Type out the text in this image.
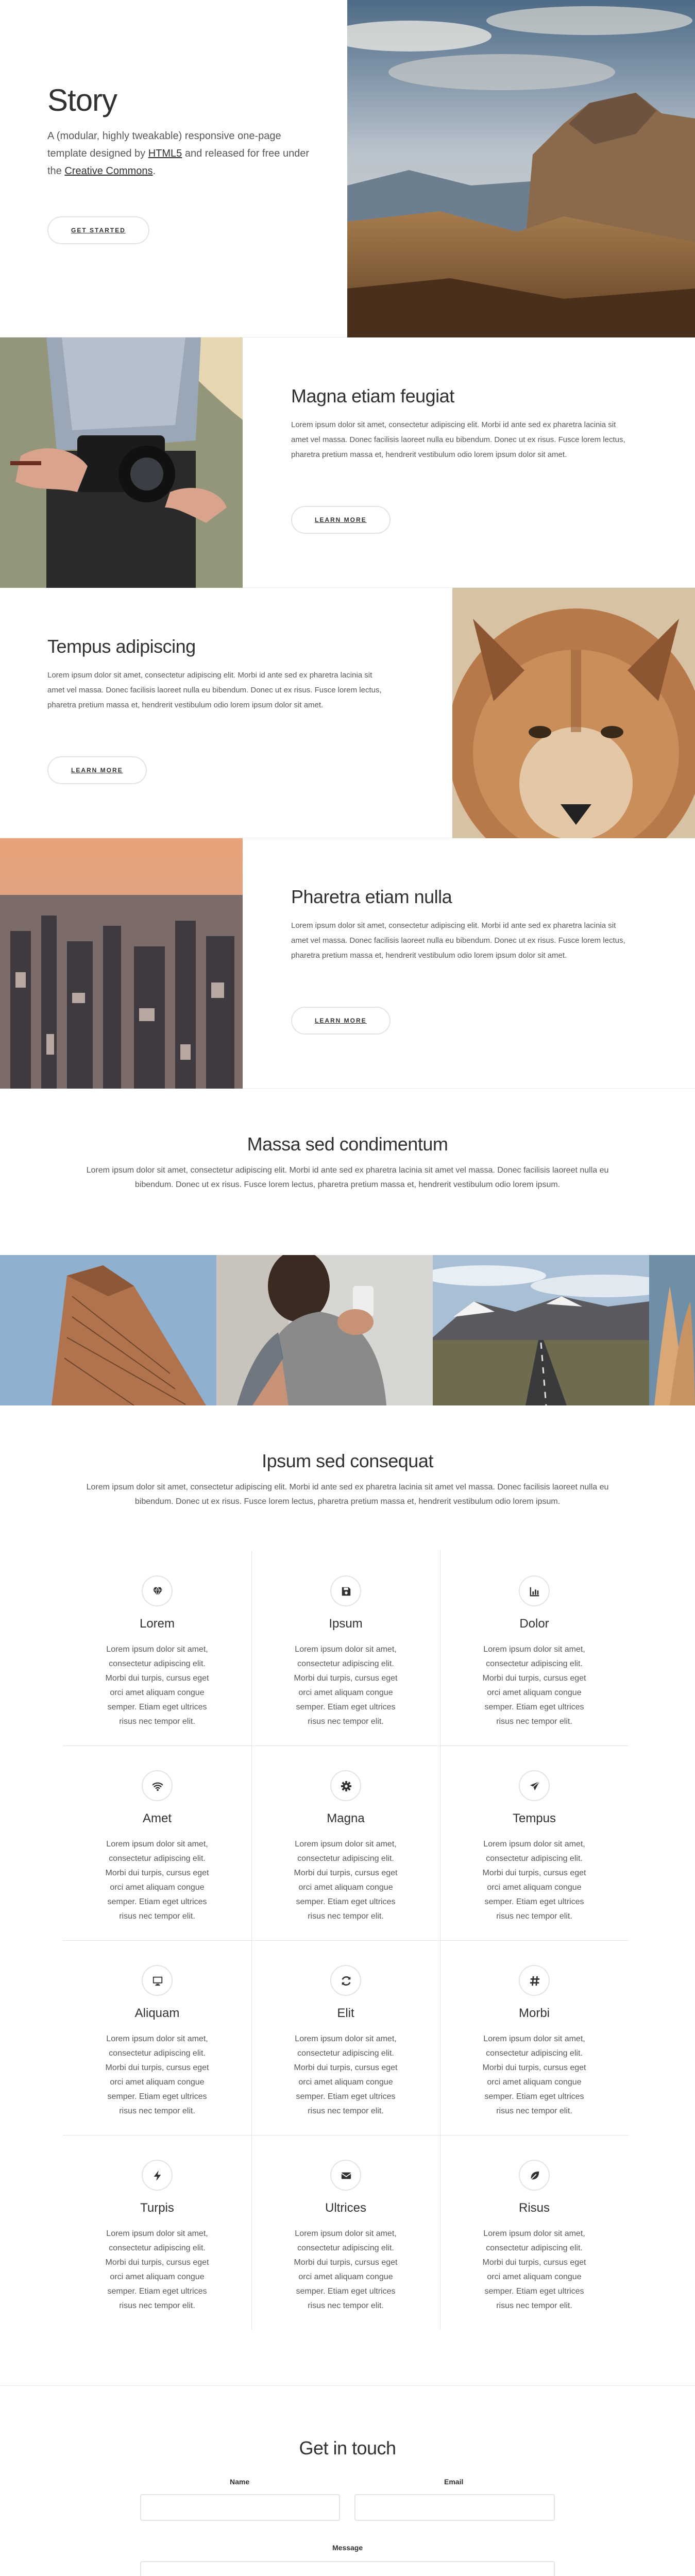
Story

A (modular, highly tweakable) responsive one-page template designed by HTML5 and released for free under the Creative Commons.

GET STARTED
Magna etiam feugiat

Lorem ipsum dolor sit amet, consectetur adipiscing elit. Morbi id ante sed ex pharetra lacinia sit amet vel massa. Donec facilisis laoreet nulla eu bibendum. Donec ut ex risus. Fusce lorem lectus, pharetra pretium massa et, hendrerit vestibulum odio lorem ipsum dolor sit amet.

LEARN MORE
Tempus adipiscing

Lorem ipsum dolor sit amet, consectetur adipiscing elit. Morbi id ante sed ex pharetra lacinia sit amet vel massa. Donec facilisis laoreet nulla eu bibendum. Donec ut ex risus. Fusce lorem lectus, pharetra pretium massa et, hendrerit vestibulum odio lorem ipsum dolor sit amet.

LEARN MORE
Pharetra etiam nulla

Lorem ipsum dolor sit amet, consectetur adipiscing elit. Morbi id ante sed ex pharetra lacinia sit amet vel massa. Donec facilisis laoreet nulla eu bibendum. Donec ut ex risus. Fusce lorem lectus, pharetra pretium massa et, hendrerit vestibulum odio lorem ipsum dolor sit amet.

LEARN MORE
Massa sed condimentum

Lorem ipsum dolor sit amet, consectetur adipiscing elit. Morbi id ante sed ex pharetra lacinia sit amet vel massa. Donec facilisis laoreet nulla eu bibendum. Donec ut ex risus. Fusce lorem lectus, pharetra pretium massa et, hendrerit vestibulum odio lorem ipsum.

Ipsum sed consequat

Lorem ipsum dolor sit amet, consectetur adipiscing elit. Morbi id ante sed ex pharetra lacinia sit amet vel massa. Donec facilisis laoreet nulla eu bibendum. Donec ut ex risus. Fusce lorem lectus, pharetra pretium massa et, hendrerit vestibulum odio lorem ipsum.

Lorem

Lorem ipsum dolor sit amet, consectetur adipiscing elit. Morbi dui turpis, cursus eget orci amet aliquam congue semper. Etiam eget ultrices risus nec tempor elit.

Ipsum

Lorem ipsum dolor sit amet, consectetur adipiscing elit. Morbi dui turpis, cursus eget orci amet aliquam congue semper. Etiam eget ultrices risus nec tempor elit.

Dolor

Lorem ipsum dolor sit amet, consectetur adipiscing elit. Morbi dui turpis, cursus eget orci amet aliquam congue semper. Etiam eget ultrices risus nec tempor elit.

Amet

Lorem ipsum dolor sit amet, consectetur adipiscing elit. Morbi dui turpis, cursus eget orci amet aliquam congue semper. Etiam eget ultrices risus nec tempor elit.

Magna

Lorem ipsum dolor sit amet, consectetur adipiscing elit. Morbi dui turpis, cursus eget orci amet aliquam congue semper. Etiam eget ultrices risus nec tempor elit.

Tempus

Lorem ipsum dolor sit amet, consectetur adipiscing elit. Morbi dui turpis, cursus eget orci amet aliquam congue semper. Etiam eget ultrices risus nec tempor elit.

Aliquam

Lorem ipsum dolor sit amet, consectetur adipiscing elit. Morbi dui turpis, cursus eget orci amet aliquam congue semper. Etiam eget ultrices risus nec tempor elit.

Elit

Lorem ipsum dolor sit amet, consectetur adipiscing elit. Morbi dui turpis, cursus eget orci amet aliquam congue semper. Etiam eget ultrices risus nec tempor elit.

Morbi

Lorem ipsum dolor sit amet, consectetur adipiscing elit. Morbi dui turpis, cursus eget orci amet aliquam congue semper. Etiam eget ultrices risus nec tempor elit.

Turpis

Lorem ipsum dolor sit amet, consectetur adipiscing elit. Morbi dui turpis, cursus eget orci amet aliquam congue semper. Etiam eget ultrices risus nec tempor elit.

Ultrices

Lorem ipsum dolor sit amet, consectetur adipiscing elit. Morbi dui turpis, cursus eget orci amet aliquam congue semper. Etiam eget ultrices risus nec tempor elit.

Risus

Lorem ipsum dolor sit amet, consectetur adipiscing elit. Morbi dui turpis, cursus eget orci amet aliquam congue semper. Etiam eget ultrices risus nec tempor elit.

Get in touch
Name	Email
Message
